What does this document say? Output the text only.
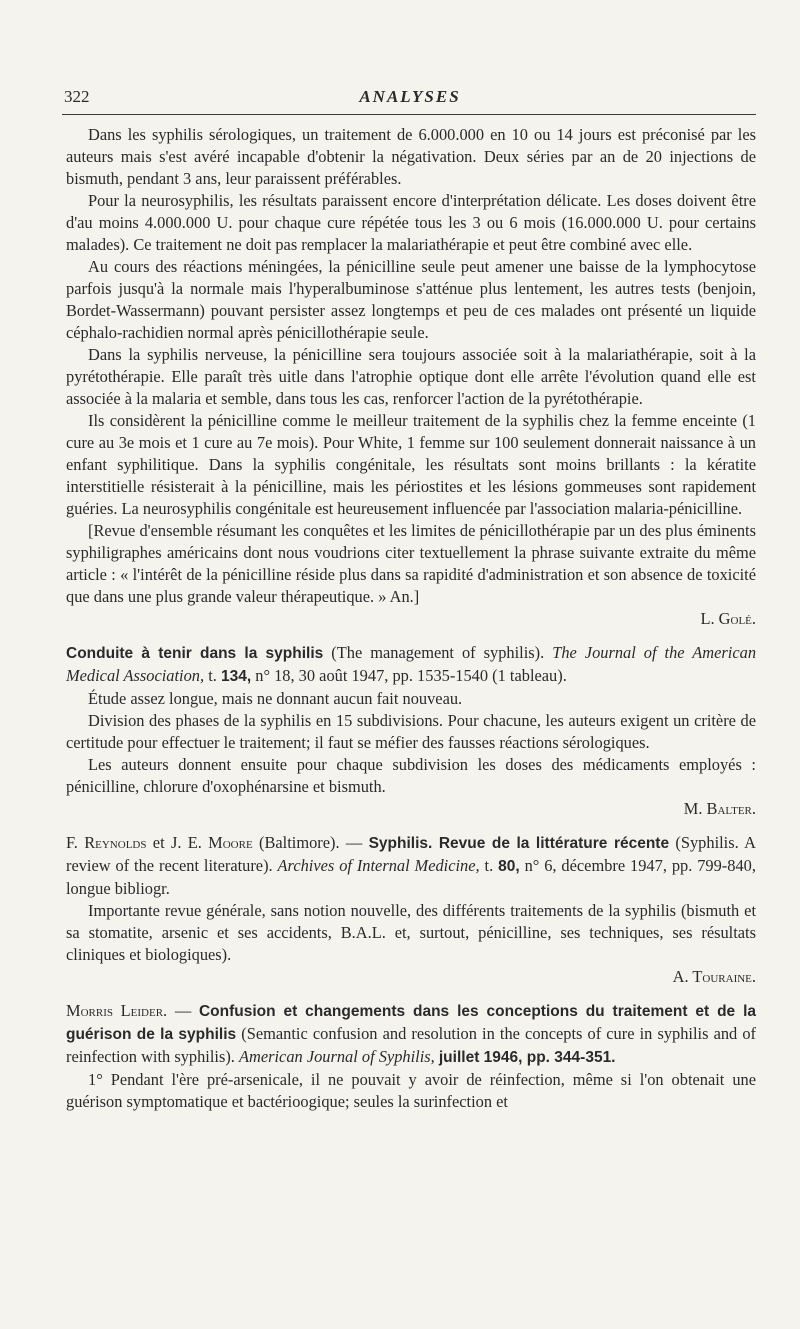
322	ANALYSES

Dans les syphilis sérologiques, un traitement de 6.000.000 en 10 ou 14 jours est préconisé par les auteurs mais s'est avéré incapable d'obtenir la négativation. Deux séries par an de 20 injections de bismuth, pendant 3 ans, leur paraissent préférables.

Pour la neurosyphilis, les résultats paraissent encore d'interprétation délicate. Les doses doivent être d'au moins 4.000.000 U. pour chaque cure répétée tous les 3 ou 6 mois (16.000.000 U. pour certains malades). Ce traitement ne doit pas remplacer la malariathérapie et peut être combiné avec elle.

Au cours des réactions méningées, la pénicilline seule peut amener une baisse de la lymphocytose parfois jusqu'à la normale mais l'hyperalbuminose s'atténue plus lentement, les autres tests (benjoin, Bordet-Wassermann) pouvant persister assez longtemps et peu de ces malades ont présenté un liquide céphalo-rachidien normal après pénicillothérapie seule.

Dans la syphilis nerveuse, la pénicilline sera toujours associée soit à la malariathérapie, soit à la pyrétothérapie. Elle paraît très uitle dans l'atrophie optique dont elle arrête l'évolution quand elle est associée à la malaria et semble, dans tous les cas, renforcer l'action de la pyrétothérapie.

Ils considèrent la pénicilline comme le meilleur traitement de la syphilis chez la femme enceinte (1 cure au 3e mois et 1 cure au 7e mois). Pour White, 1 femme sur 100 seulement donnerait naissance à un enfant syphilitique. Dans la syphilis congénitale, les résultats sont moins brillants : la kératite interstitielle résisterait à la pénicilline, mais les périostites et les lésions gommeuses sont rapidement guéries. La neurosyphilis congénitale est heureusement influencée par l'association malaria-pénicilline.

[Revue d'ensemble résumant les conquêtes et les limites de pénicillothérapie par un des plus éminents syphiligraphes américains dont nous voudrions citer textuellement la phrase suivante extraite du même article : « l'intérêt de la pénicilline réside plus dans sa rapidité d'administration et son absence de toxicité que dans une plus grande valeur thérapeutique. » An.]

L. Golé.

Conduite à tenir dans la syphilis (The management of syphilis). The Journal of the American Medical Association, t. 134, n° 18, 30 août 1947, pp. 1535-1540 (1 tableau).

Étude assez longue, mais ne donnant aucun fait nouveau.

Division des phases de la syphilis en 15 subdivisions. Pour chacune, les auteurs exigent un critère de certitude pour effectuer le traitement; il faut se méfier des fausses réactions sérologiques.

Les auteurs donnent ensuite pour chaque subdivision les doses des médicaments employés : pénicilline, chlorure d'oxophénarsine et bismuth.

M. Balter.

F. Reynolds et J. E. Moore (Baltimore). — Syphilis. Revue de la littérature récente (Syphilis. A review of the recent literature). Archives of Internal Medicine, t. 80, n° 6, décembre 1947, pp. 799-840, longue bibliogr.

Importante revue générale, sans notion nouvelle, des différents traitements de la syphilis (bismuth et sa stomatite, arsenic et ses accidents, B.A.L. et, surtout, pénicilline, ses techniques, ses résultats cliniques et biologiques).

A. Touraine.

Morris Leider. — Confusion et changements dans les conceptions du traitement et de la guérison de la syphilis (Semantic confusion and resolution in the concepts of cure in syphilis and of reinfection with syphilis). American Journal of Syphilis, juillet 1946, pp. 344-351.

1° Pendant l'ère pré-arsenicale, il ne pouvait y avoir de réinfection, même si l'on obtenait une guérison symptomatique et bactérioogique; seules la surinfection et
